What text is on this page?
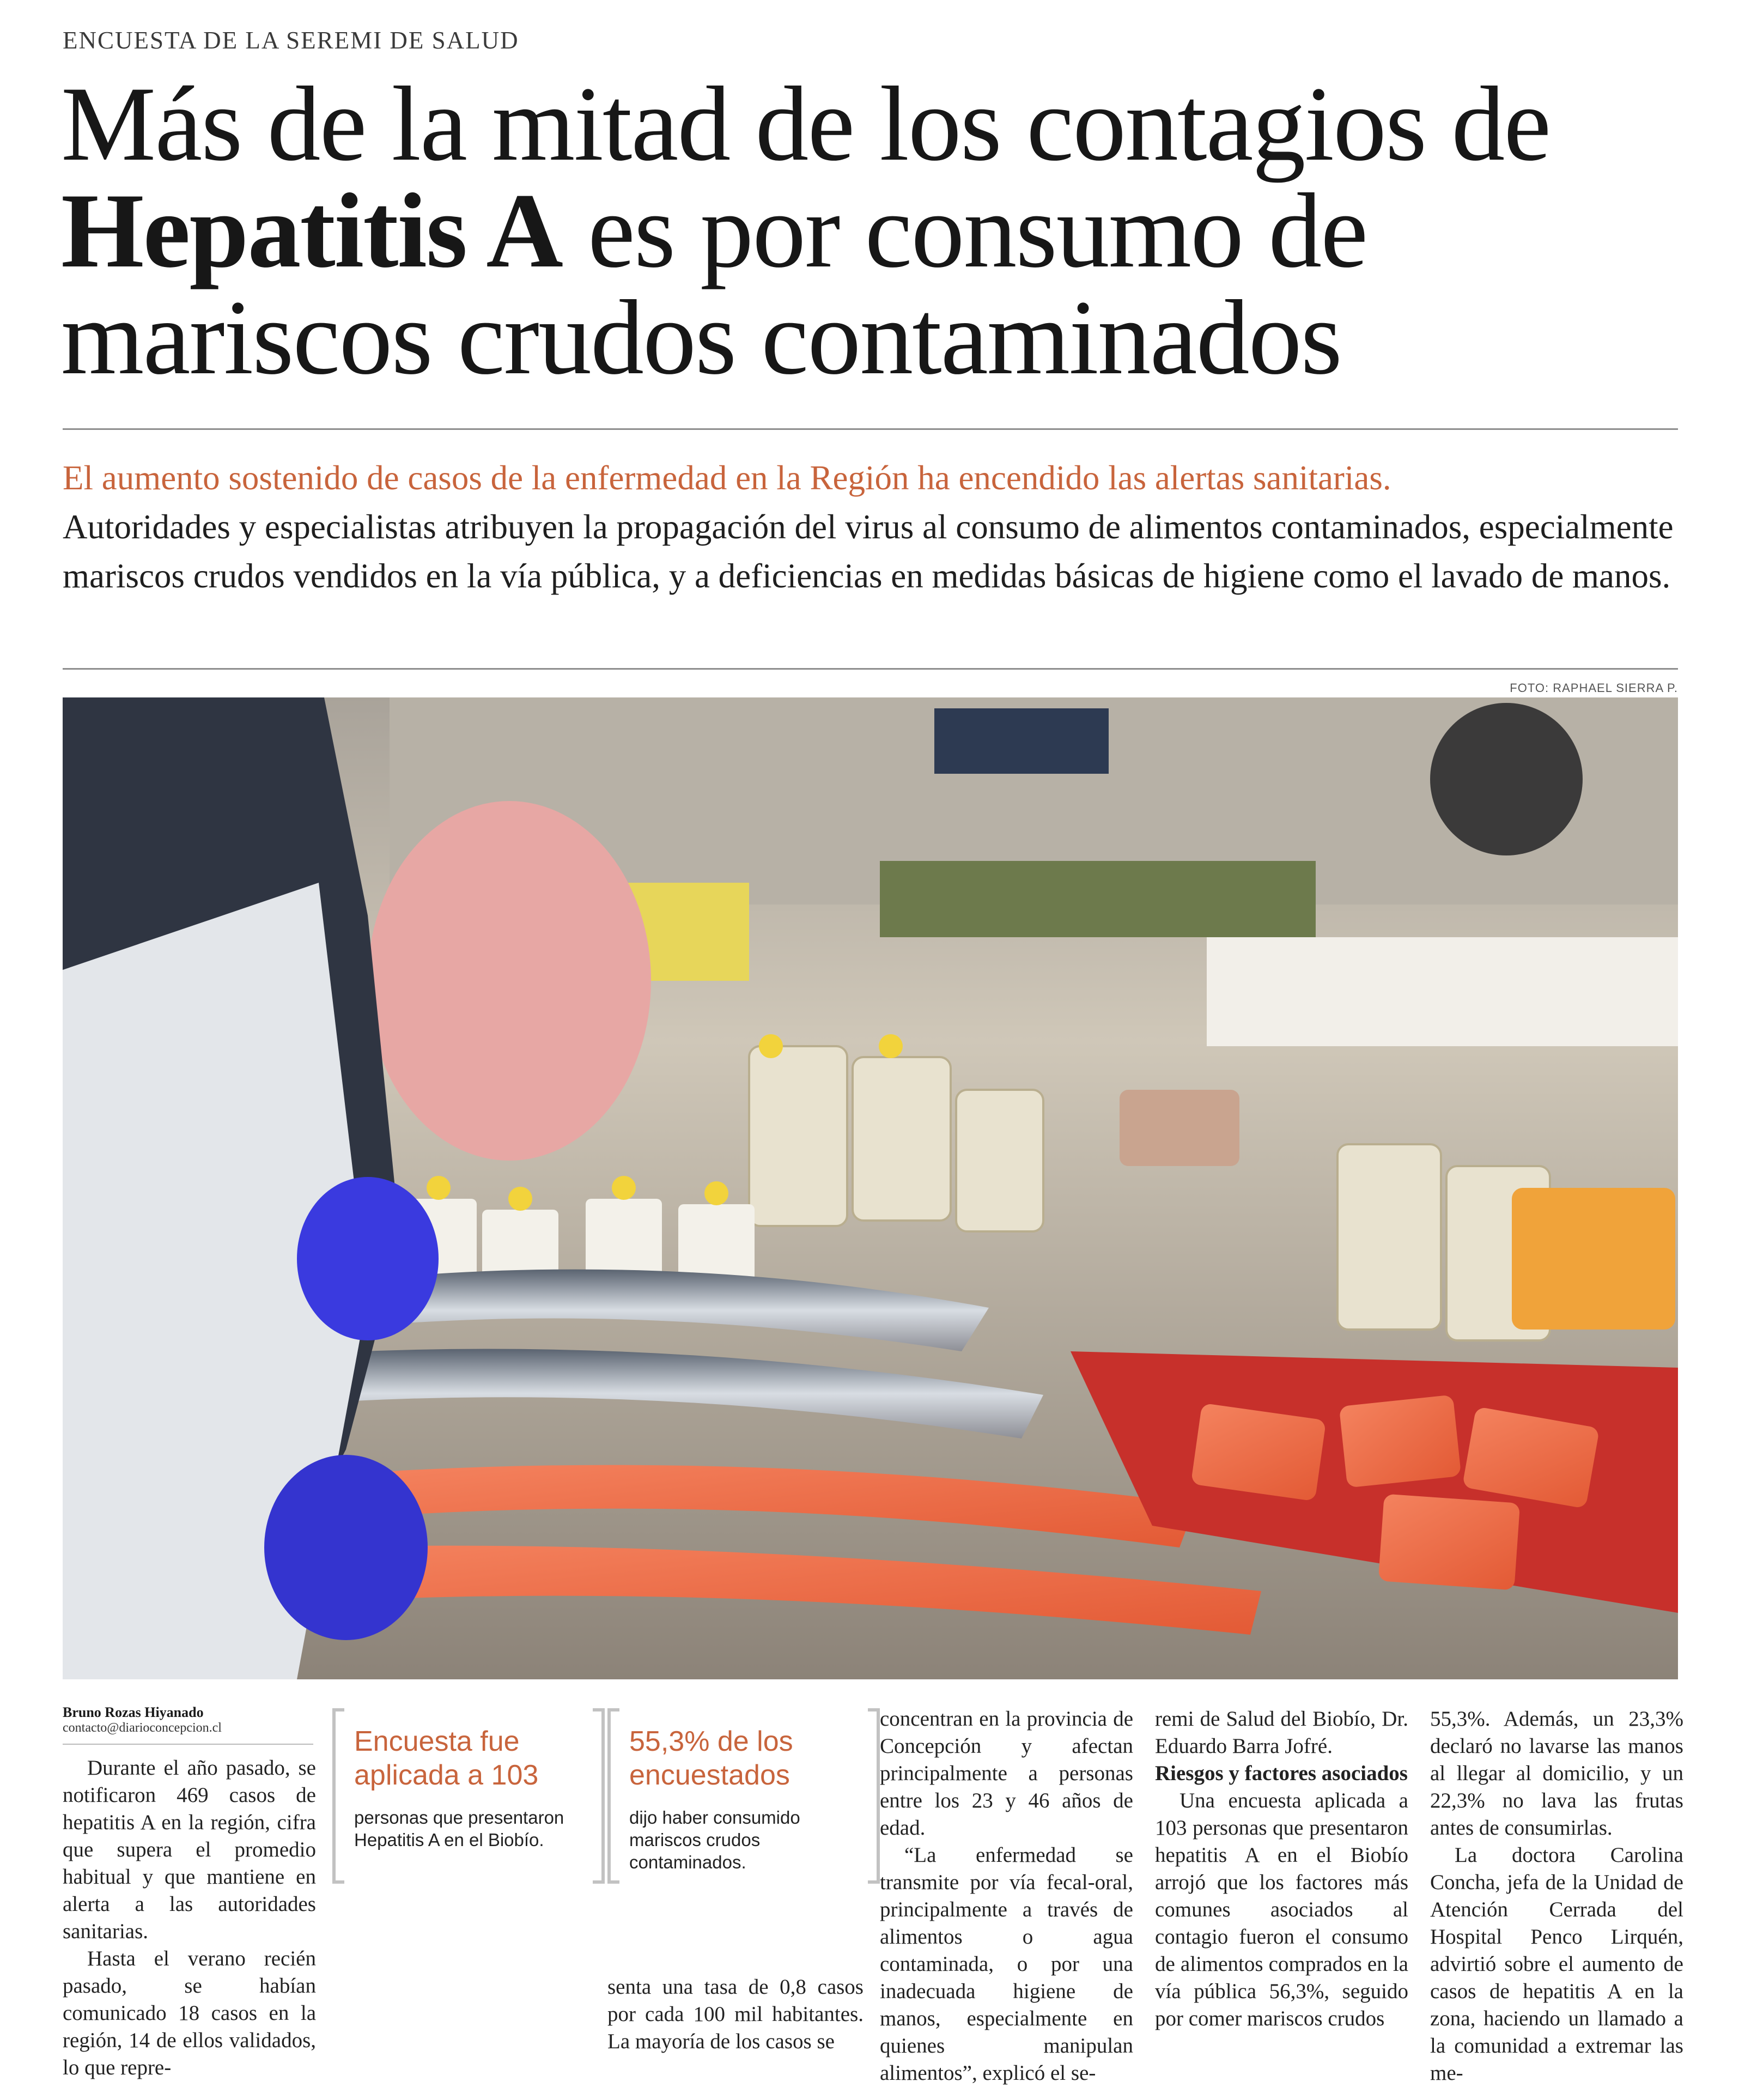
ENCUESTA DE LA SEREMI DE SALUD
Más de la mitad de los contagios de
Hepatitis A es por consumo de
mariscos crudos contaminados
El aumento sostenido de casos de la enfermedad en la Región ha encendido las alertas sanitarias.
Autoridades y especialistas atribuyen la propagación del virus al consumo de alimentos contaminados, especialmente mariscos crudos vendidos en la vía pública, y a deficiencias en medidas básicas de higiene como el lavado de manos.
FOTO: RAPHAEL SIERRA P.
Bruno Rozas Hiyanado
contacto@diarioconcepcion.cl

Durante el año pasado, se notificaron 469 casos de hepatitis A en la región, cifra que supera el promedio habitual y que mantiene en alerta a las autoridades sanitarias.

Hasta el verano recién pasado, se habían comunicado 18 casos en la región, 14 de ellos validados, lo que repre-

Encuesta fue aplicada a 103
personas que presentaron Hepatitis A en el Biobío.
55,3% de los encuestados
dijo haber consumido mariscos crudos contaminados.

senta una tasa de 0,8 casos por cada 100 mil habitantes. La mayoría de los casos se

concentran en la provincia de Concepción y afectan principalmente a personas entre los 23 y 46 años de edad.

“La enfermedad se transmite por vía fecal-oral, principalmente a través de alimentos o agua contaminada, o por una inadecuada higiene de manos, especialmente en quienes manipulan alimentos”, explicó el se-

remi de Salud del Biobío, Dr. Eduardo Barra Jofré.

Riesgos y factores asociados

Una encuesta aplicada a 103 personas que presentaron hepatitis A en el Biobío arrojó que los factores más comunes asociados al contagio fueron el consumo de alimentos comprados en la vía pública 56,3%, seguido por comer mariscos crudos

55,3%. Además, un 23,3% declaró no lavarse las manos al llegar al domicilio, y un 22,3% no lava las frutas antes de consumirlas.

La doctora Carolina Concha, jefa de la Unidad de Atención Cerrada del Hospital Penco Lirquén, advirtió sobre el aumento de casos de hepatitis A en la zona, haciendo un llamado a la comunidad a extremar las me-
